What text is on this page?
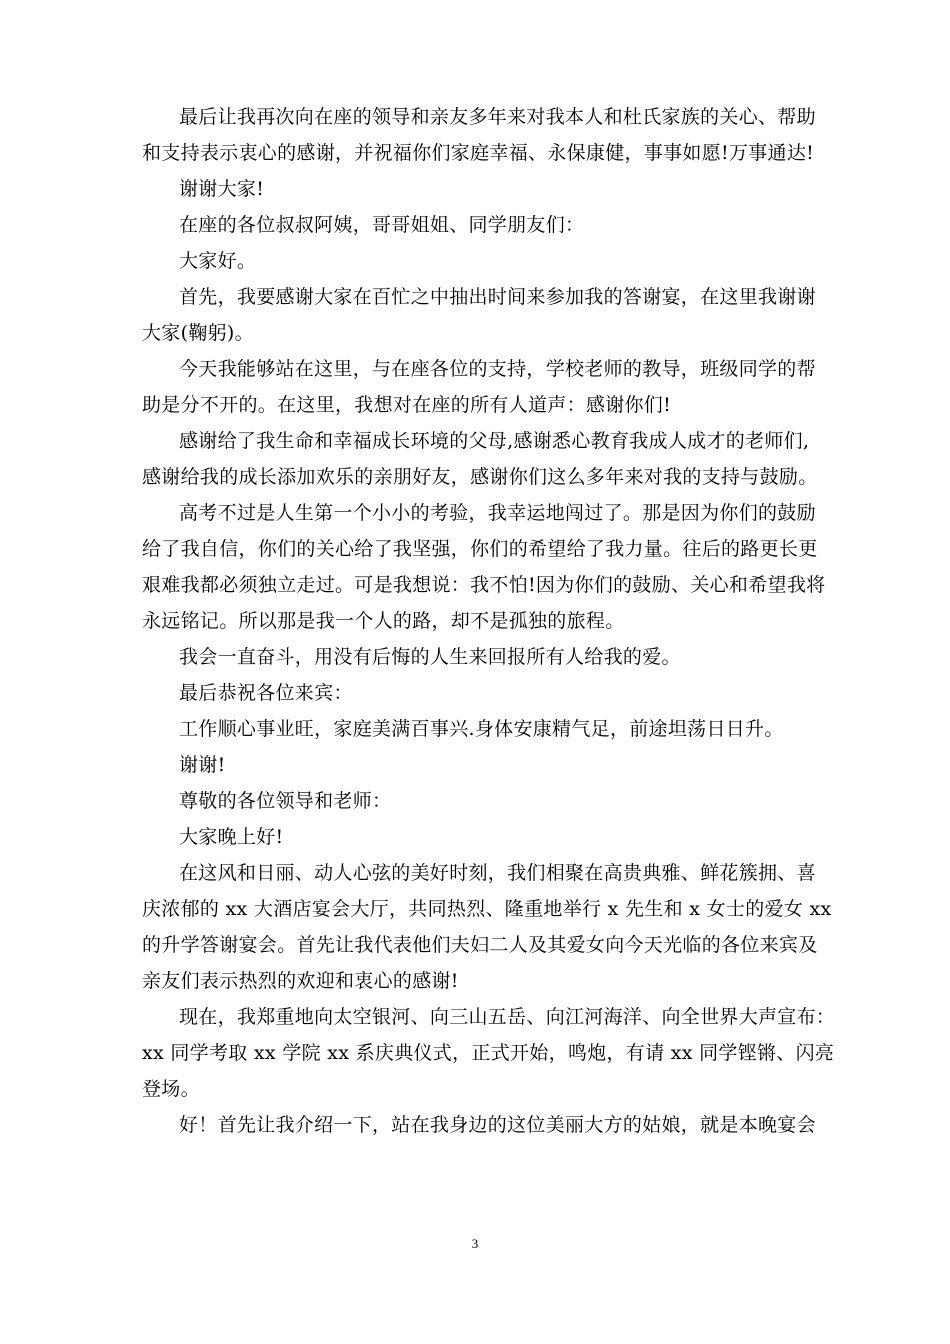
最后让我再次向在座的领导和亲友多年来对我本人和杜氏家族的关心、帮助
和支持表示衷心的感谢，并祝福你们家庭幸福、永保康健，事事如愿!万事通达!
谢谢大家!
在座的各位叔叔阿姨，哥哥姐姐、同学朋友们：
大家好。
首先，我要感谢大家在百忙之中抽出时间来参加我的答谢宴，在这里我谢谢
大家(鞠躬)。
今天我能够站在这里，与在座各位的支持，学校老师的教导，班级同学的帮
助是分不开的。在这里，我想对在座的所有人道声：感谢你们!
感谢给了我生命和幸福成长环境的父母,感谢悉心教育我成人成才的老师们,
感谢给我的成长添加欢乐的亲朋好友，感谢你们这么多年来对我的支持与鼓励。
高考不过是人生第一个小小的考验，我幸运地闯过了。那是因为你们的鼓励
给了我自信，你们的关心给了我坚强，你们的希望给了我力量。往后的路更长更
艰难我都必须独立走过。可是我想说：我不怕!因为你们的鼓励、关心和希望我将
永远铭记。所以那是我一个人的路，却不是孤独的旅程。
我会一直奋斗，用没有后悔的人生来回报所有人给我的爱。
最后恭祝各位来宾：
工作顺心事业旺，家庭美满百事兴.身体安康精气足，前途坦荡日日升。
谢谢!
尊敬的各位领导和老师：
大家晚上好!
在这风和日丽、动人心弦的美好时刻，我们相聚在高贵典雅、鲜花簇拥、喜
庆浓郁的 xx 大酒店宴会大厅，共同热烈、隆重地举行 x 先生和 x 女士的爱女 xx
的升学答谢宴会。首先让我代表他们夫妇二人及其爱女向今天光临的各位来宾及
亲友们表示热烈的欢迎和衷心的感谢!
现在，我郑重地向太空银河、向三山五岳、向江河海洋、向全世界大声宣布：
xx 同学考取 xx 学院 xx 系庆典仪式，正式开始，鸣炮，有请 xx 同学铿锵、闪亮
登场。
好！首先让我介绍一下，站在我身边的这位美丽大方的姑娘，就是本晚宴会
3
